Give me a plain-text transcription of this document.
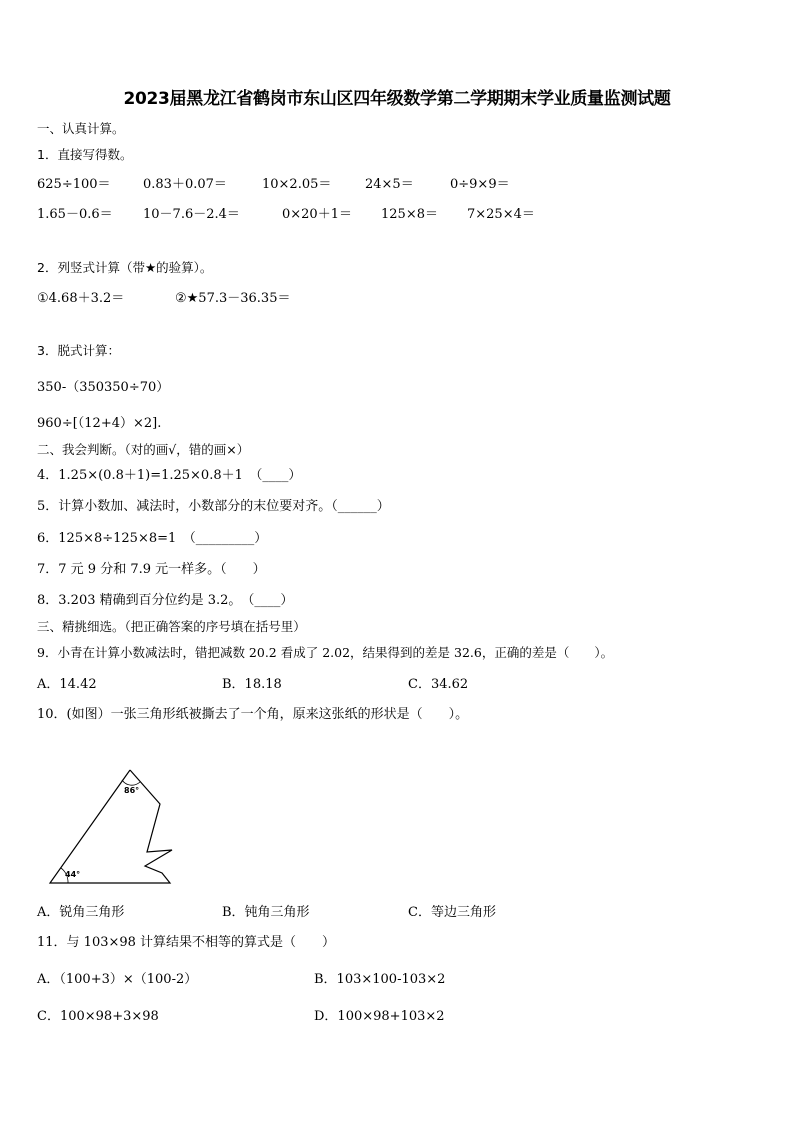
2023届黑龙江省鹤岗市东山区四年级数学第二学期期末学业质量监测试题
一、认真计算。
1．直接写得数。
625÷100＝ 0.83＋0.07＝	10×2.05＝	24×5＝	0÷9×9＝
1.65－0.6＝ 10－7.6－2.4＝	0×20＋1＝ 125×8＝ 7×25×4＝
2．列竖式计算（带★的验算）。
①4.68＋3.2＝	②★57.3－36.35＝
3．脱式计算：
350-（350350÷70）
960÷[（12+4）×2].
二、我会判断。（对的画√，错的画×）
4．1.25×(0.8＋1)=1.25×0.8＋1　（____）
5．计算小数加、减法时，小数部分的末位要对齐。（______）
6．125×8÷125×8=1　（_________）
7．7 元 9 分和 7.9 元一样多。（　　）
8．3.203 精确到百分位约是 3.2。　（____）
三、精挑细选。（把正确答案的序号填在括号里）
9．小青在计算小数减法时，错把减数 20.2 看成了 2.02，结果得到的差是 32.6，正确的差是（　　）。
A．14.42	B．18.18	C．34.62
10．(如图）一张三角形纸被撕去了一个角，原来这张纸的形状是（　　）。
86°
44°
A．锐角三角形	B．钝角三角形	C．等边三角形
11．与 103×98 计算结果不相等的算式是（　　）
A．（100+3）×（100-2）	B．103×100-103×2
C．100×98+3×98	D．100×98+103×2
